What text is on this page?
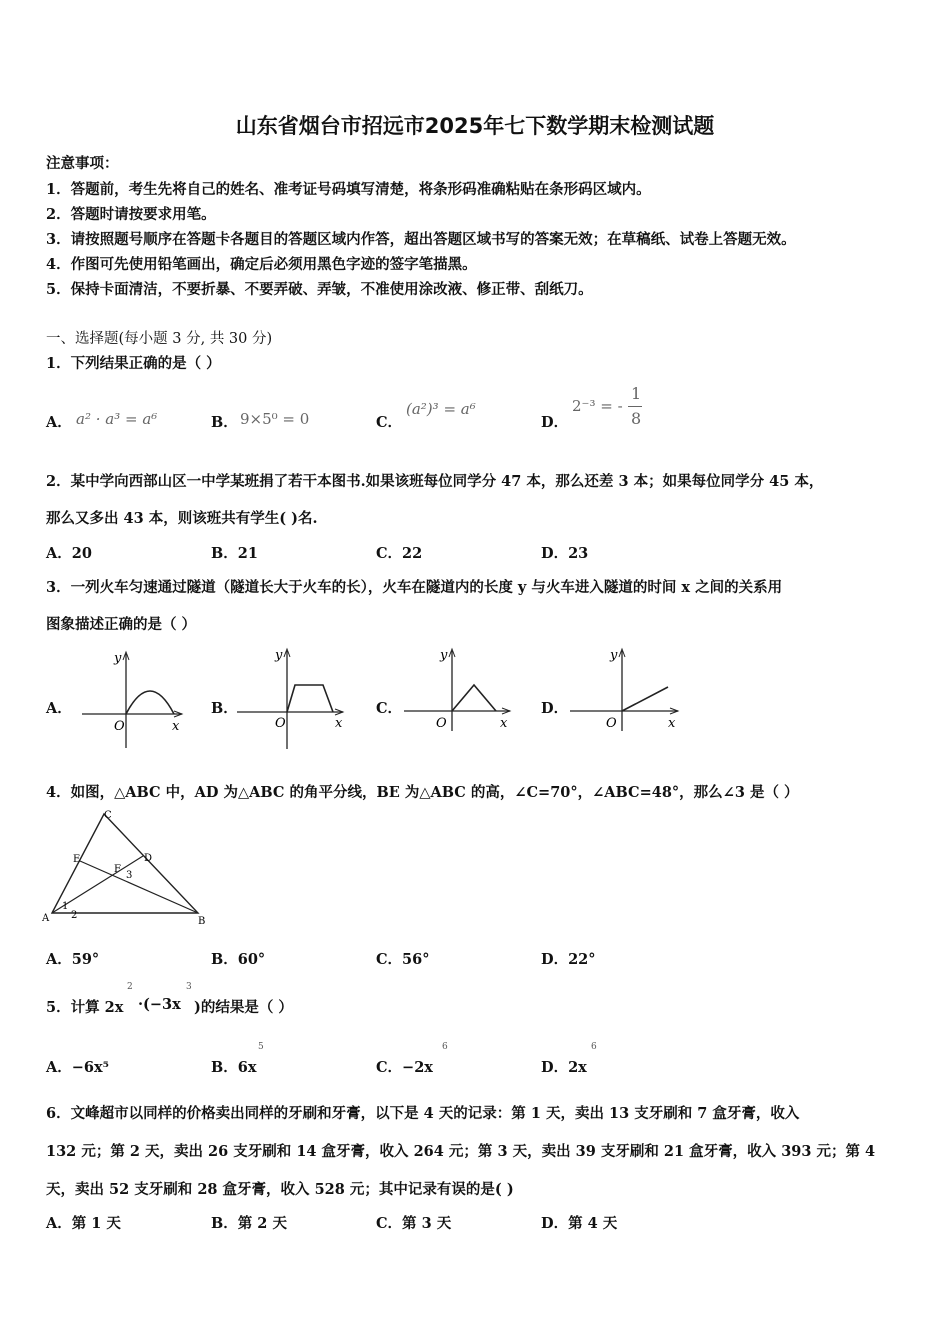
山东省烟台市招远市2025年七下数学期末检测试题
注意事项：
1．答题前，考生先将自己的姓名、准考证号码填写清楚，将条形码准确粘贴在条形码区域内。
2．答题时请按要求用笔。
3．请按照题号顺序在答题卡各题目的答题区域内作答，超出答题区域书写的答案无效；在草稿纸、试卷上答题无效。
4．作图可先使用铅笔画出，确定后必须用黑色字迹的签字笔描黑。
5．保持卡面清洁，不要折暴、不要弄破、弄皱，不准使用涂改液、修正带、刮纸刀。
一、选择题(每小题 3 分, 共 30 分)
1．下列结果正确的是（ ）
A． a² · a³ = a⁶	B． 9×5⁰ = 0	C．
(a²)³ = a⁶
D．
2⁻³ = -
1
8
2．某中学向西部山区一中学某班捐了若干本图书.如果该班每位同学分 47 本，那么还差 3 本；如果每位同学分 45 本，
那么又多出 43 本，则该班共有学生( )名.
A．20	B．21	C．22	D．23
3．一列火车匀速通过隧道（隧道长大于火车的长），火车在隧道内的长度 y 与火车进入隧道的时间 x 之间的关系用
图象描述正确的是（ ）
A．
y
x
O
B．
y
x
O
C．
y
x
O
D．
y
x
O
4．如图，△ABC 中，AD 为△ABC 的角平分线，BE 为△ABC 的高，∠C=70°，∠ABC=48°，那么∠3 是（ ）
A	B
C
D
E
F
1
2
3
A．59°	B．60°	C．56°	D．22°
5．计算 2x
2
·(−3x
3
)的结果是（ ）
A．−6x⁵	B．6x
5
C．−2x
6
D．2x
6
6．文峰超市以同样的价格卖出同样的牙刷和牙膏，以下是 4 天的记录：第 1 天，卖出 13 支牙刷和 7 盒牙膏，收入
132 元；第 2 天，卖出 26 支牙刷和 14 盒牙膏，收入 264 元；第 3 天，卖出 39 支牙刷和 21 盒牙膏，收入 393 元；第 4
天，卖出 52 支牙刷和 28 盒牙膏，收入 528 元；其中记录有误的是( )
A．第 1 天	B．第 2 天	C．第 3 天	D．第 4 天
